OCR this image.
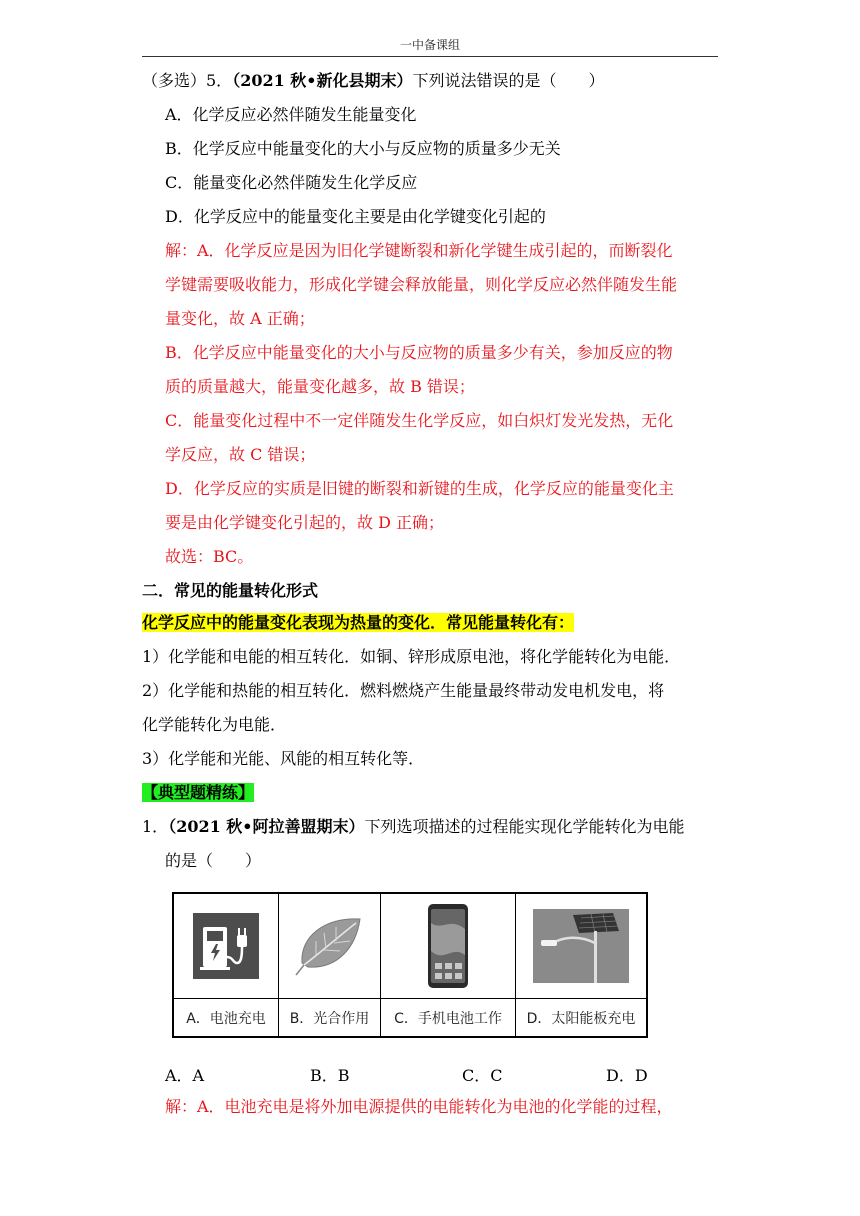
一中备课组
（多选）5．（2021 秋•新化县期末）下列说法错误的是（　　）
A．化学反应必然伴随发生能量变化
B．化学反应中能量变化的大小与反应物的质量多少无关
C．能量变化必然伴随发生化学反应
D．化学反应中的能量变化主要是由化学键变化引起的
解：A．化学反应是因为旧化学键断裂和新化学键生成引起的，而断裂化
学键需要吸收能力，形成化学键会释放能量，则化学反应必然伴随发生能
量变化，故 A 正确；
B．化学反应中能量变化的大小与反应物的质量多少有关，参加反应的物
质的质量越大，能量变化越多，故 B 错误；
C．能量变化过程中不一定伴随发生化学反应，如白炽灯发光发热，无化
学反应，故 C 错误；
D．化学反应的实质是旧键的断裂和新键的生成，化学反应的能量变化主
要是由化学键变化引起的，故 D 正确；
故选：BC。
二．常见的能量转化形式
化学反应中的能量变化表现为热量的变化．常见能量转化有：
1）化学能和电能的相互转化．如铜、锌形成原电池，将化学能转化为电能．
2）化学能和热能的相互转化．燃料燃烧产生能量最终带动发电机发电，将
化学能转化为电能．
3）化学能和光能、风能的相互转化等．
【典型题精练】
1．（2021 秋•阿拉善盟期末）下列选项描述的过程能实现化学能转化为电能
的是（　　）
A．电池充电	B．光合作用	C．手机电池工作	D．太阳能板充电
A．A	B．B	C．C	D．D
解：A．电池充电是将外加电源提供的电能转化为电池的化学能的过程，
